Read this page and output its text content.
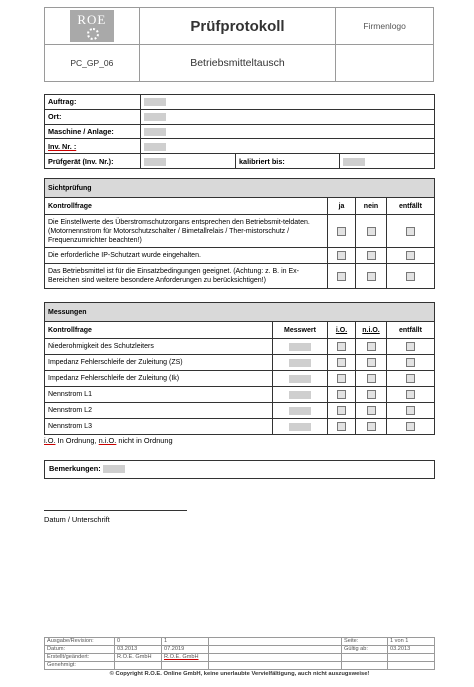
ROE	Prüfprotokoll	Firmenlogo
PC_GP_06	Betriebsmitteltausch	
Auftrag:			
Ort:			
Maschine / Anlage:			
Inv. Nr. :			
Prüfgerät (Inv. Nr.):		kalibriert bis:	
Sichtprüfung			
Kontrollfrage	ja	nein	entfällt
Die Einstellwerte des Überstromschutzorgans entsprechen den Betriebsmit-teldaten. (Motornennstrom für Motorschutzschalter / Bimetallrelais / Ther-mistorschutz / Frequenzumrichter beachten!)			
Die erforderliche IP-Schutzart wurde eingehalten.			
Das Betriebsmittel ist für die Einsatzbedingungen geeignet. (Achtung: z. B. in Ex-Bereichen sind weitere besondere Anforderungen zu berücksichtigen!)			
Messungen				
Kontrollfrage	Messwert	i.O.	n.i.O.	entfällt
Niederohmigkeit des Schutzleiters				
Impedanz Fehlerschleife der Zuleitung (ZS)				
Impedanz Fehlerschleife der Zuleitung (Ik)				
Nennstrom L1				
Nennstrom L2				
Nennstrom L3				
i.O. In Ordnung, n.i.O. nicht in Ordnung
Bemerkungen:
Datum / Unterschrift
Ausgabe/Revision:	0	1		Seite:	1 von 1
Datum:	03.2013	07.2019		Gültig ab:	03.2013
Erstellt/geändert:	R.O.E. GmbH	R.O.E. GmbH			
Genehmigt:					
© Copyright R.O.E. Online GmbH, keine unerlaubte Vervielfältigung, auch nicht auszugsweise!
